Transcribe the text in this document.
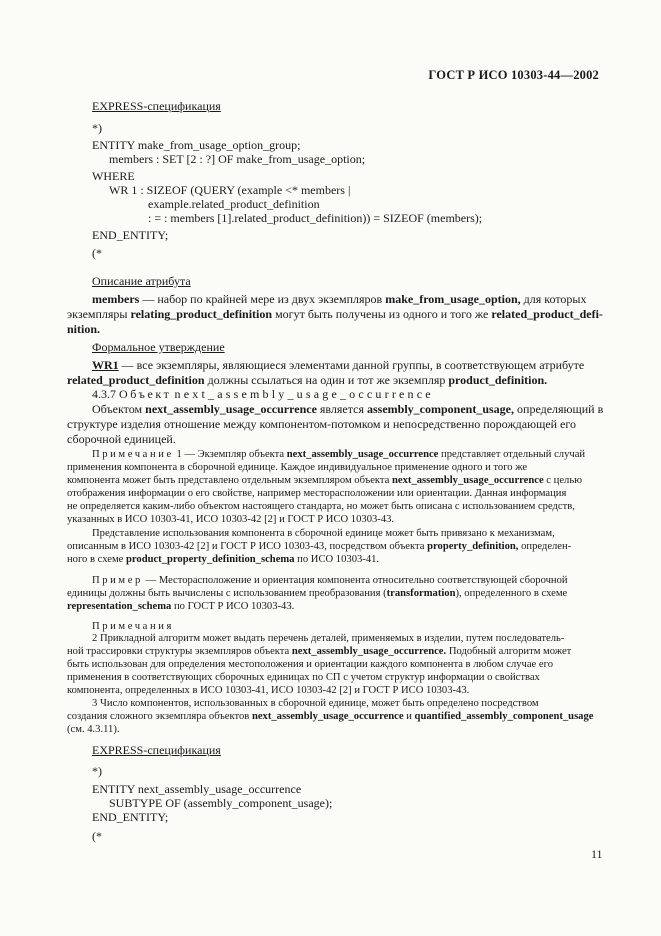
ГОСТ Р ИСО 10303-44—2002
EXPRESS-спецификация
*)
ENTITY make_from_usage_option_group;
members : SET [2 : ?] OF make_from_usage_option;
WHERE
WR 1 : SIZEOF (QUERY (example <* members |
example.related_product_definition
: = : members [1].related_product_definition)) = SIZEOF (members);
END_ENTITY;
(*
Описание атрибута
members — набор по крайней мере из двух экземпляров make_from_usage_option, для которых
экземпляры relating_product_definition могут быть получены из одного и того же related_product_defi-
nition.
Формальное утверждение
WR1 — все экземпляры, являющиеся элементами данной группы, в соответствующем атрибуте
related_product_definition должны ссылаться на один и тот же экземпляр product_definition.
4.3.7 Объект next_assembly_usage_occurrence
Объектом next_assembly_usage_occurrence является assembly_component_usage, определяющий в
структуре изделия отношение между компонентом-потомком и непосредственно порождающей его
сборочной единицей.
Примечание 1 — Экземпляр объекта next_assembly_usage_occurrence представляет отдельный случай
применения компонента в сборочной единице. Каждое индивидуальное применение одного и того же
компонента может быть представлено отдельным экземпляром объекта next_assembly_usage_occurrence с целью
отображения информации о его свойстве, например месторасположении или ориентации. Данная информация
не определяется каким-либо объектом настоящего стандарта, но может быть описана с использованием средств,
указанных в ИСО 10303-41, ИСО 10303-42 [2] и ГОСТ Р ИСО 10303-43.
Представление использования компонента в сборочной единице может быть привязано к механизмам,
описанным в ИСО 10303-42 [2] и ГОСТ Р ИСО 10303-43, посредством объекта property_definition, определен-
ного в схеме product_property_definition_schema по ИСО 10303-41.
Пример — Месторасположение и ориентация компонента относительно соответствующей сборочной
единицы должны быть вычислены с использованием преобразования (transformation), определенного в схеме
representation_schema по ГОСТ Р ИСО 10303-43.
Примечания
2 Прикладной алгоритм может выдать перечень деталей, применяемых в изделии, путем последователь-
ной трассировки структуры экземпляров объекта next_assembly_usage_occurrence. Подобный алгоритм может
быть использован для определения местоположения и ориентации каждого компонента в любом случае его
применения в соответствующих сборочных единицах по СП с учетом структур информации о свойствах
компонента, определенных в ИСО 10303-41, ИСО 10303-42 [2] и ГОСТ Р ИСО 10303-43.
3 Число компонентов, использованных в сборочной единице, может быть определено посредством
создания сложного экземпляра объектов next_assembly_usage_occurrence и quantified_assembly_component_usage
(см. 4.3.11).
EXPRESS-спецификация
*)
ENTITY next_assembly_usage_occurrence
SUBTYPE OF (assembly_component_usage);
END_ENTITY;
(*
11
